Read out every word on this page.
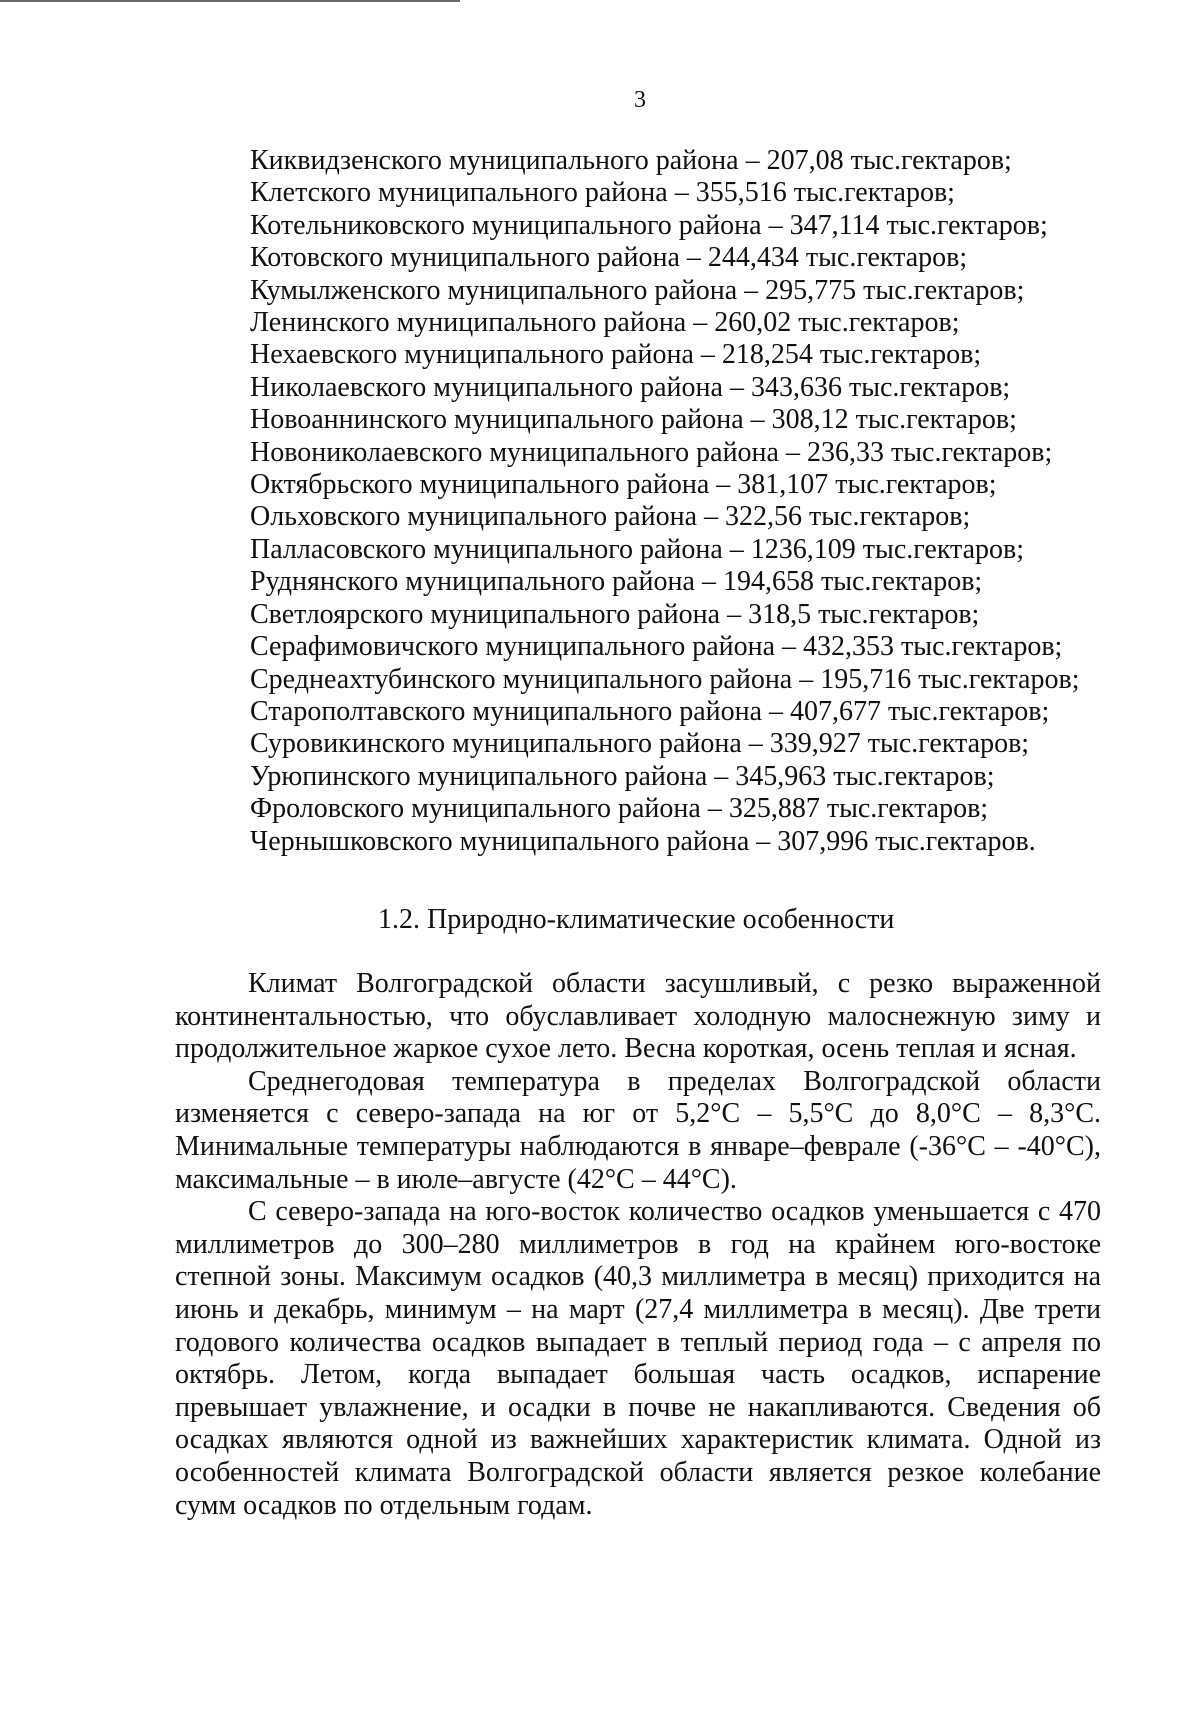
3
Киквидзенского муниципального района – 207,08 тыс.гектаров;
Клетского муниципального района – 355,516 тыс.гектаров;
Котельниковского муниципального района – 347,114 тыс.гектаров;
Котовского муниципального района – 244,434 тыс.гектаров;
Кумылженского муниципального района – 295,775 тыс.гектаров;
Ленинского муниципального района – 260,02 тыс.гектаров;
Нехаевского муниципального района – 218,254 тыс.гектаров;
Николаевского муниципального района – 343,636 тыс.гектаров;
Новоаннинского муниципального района – 308,12 тыс.гектаров;
Новониколаевского муниципального района – 236,33 тыс.гектаров;
Октябрьского муниципального района – 381,107 тыс.гектаров;
Ольховского муниципального района – 322,56 тыс.гектаров;
Палласовского муниципального района – 1236,109 тыс.гектаров;
Руднянского муниципального района – 194,658 тыс.гектаров;
Светлоярского муниципального района – 318,5 тыс.гектаров;
Серафимовичского муниципального района – 432,353 тыс.гектаров;
Среднеахтубинского муниципального района – 195,716 тыс.гектаров;
Старополтавского муниципального района – 407,677 тыс.гектаров;
Суровикинского муниципального района – 339,927 тыс.гектаров;
Урюпинского муниципального района – 345,963 тыс.гектаров;
Фроловского муниципального района – 325,887 тыс.гектаров;
Чернышковского муниципального района – 307,996 тыс.гектаров.
1.2. Природно-климатические особенности

Климат Волгоградской области засушливый, с резко выраженной континентальностью, что обуславливает холодную малоснежную зиму и продолжительное жаркое сухое лето. Весна короткая, осень теплая и ясная.

Среднегодовая температура в пределах Волгоградской области изменяется с северо-запада на юг от 5,2°С – 5,5°С до 8,0°С – 8,3°С. Минимальные температуры наблюдаются в январе–феврале (-36°С – -40°С), максимальные – в июле–августе (42°С – 44°С).

С северо-запада на юго-восток количество осадков уменьшается с 470 миллиметров до 300–280 миллиметров в год на крайнем юго-востоке степной зоны. Максимум осадков (40,3 миллиметра в месяц) приходится на июнь и декабрь, минимум – на март (27,4 миллиметра в месяц). Две трети годового количества осадков выпадает в теплый период года – с апреля по октябрь. Летом, когда выпадает большая часть осадков, испарение превышает увлажнение, и осадки в почве не накапливаются. Сведения об осадках являются одной из важнейших характеристик климата. Одной из особенностей климата Волгоградской области является резкое колебание сумм осадков по отдельным годам.
